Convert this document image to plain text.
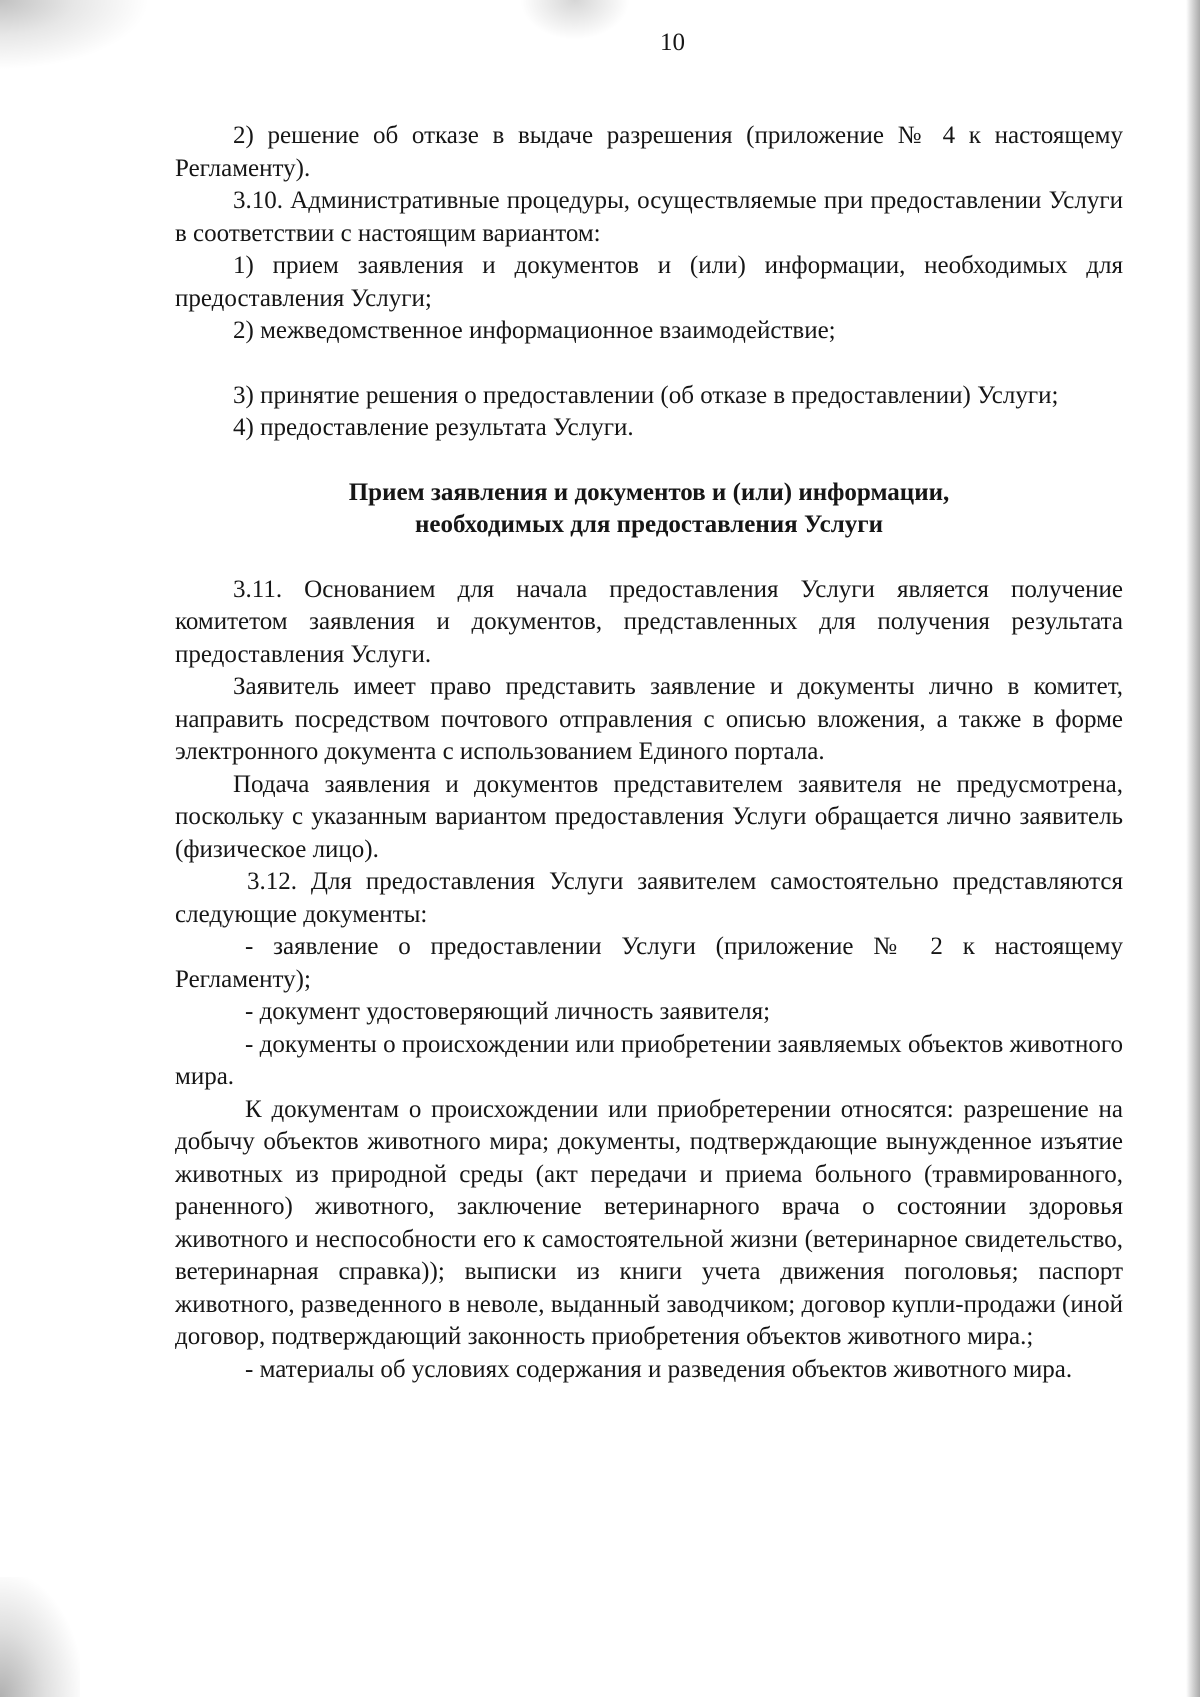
10

2) решение об отказе в выдаче разрешения (приложение № 4 к настоящему Регламенту).

3.10. Административные процедуры, осуществляемые при предоставлении Услуги в соответствии с настоящим вариантом:

1) прием заявления и документов и (или) информации, необходимых для предоставления Услуги;

2) межведомственное информационное взаимодействие;

3) принятие решения о предоставлении (об отказе в предоставлении) Услуги;

4) предоставление результата Услуги.

Прием заявления и документов и (или) информации,
необходимых для предоставления Услуги

3.11. Основанием для начала предоставления Услуги является получение комитетом заявления и документов, представленных для получения результата предоставления Услуги.

Заявитель имеет право представить заявление и документы лично в комитет, направить посредством почтового отправления с описью вложения, а также в форме электронного документа с использованием Единого портала.

Подача заявления и документов представителем заявителя не предусмотрена, поскольку с указанным вариантом предоставления Услуги обращается лично заявитель (физическое лицо).

3.12. Для предоставления Услуги заявителем самостоятельно представляются следующие документы:

- заявление о предоставлении Услуги (приложение № 2 к настоящему Регламенту);

- документ удостоверяющий личность заявителя;

- документы о происхождении или приобретении заявляемых объектов животного мира.

К документам о происхождении или приобретерении относятся: разрешение на добычу объектов животного мира; документы, подтверждающие вынужденное изъятие животных из природной среды (акт передачи и приема больного (травмированного, раненного) животного, заключение ветеринарного врача о состоянии здоровья животного и неспособности его к самостоятельной жизни (ветеринарное свидетельство, ветеринарная справка)); выписки из книги учета движения поголовья; паспорт животного, разведенного в неволе, выданный заводчиком; договор купли-продажи (иной договор, подтверждающий законность приобретения объектов животного мира.;

- материалы об условиях содержания и разведения объектов животного мира.
